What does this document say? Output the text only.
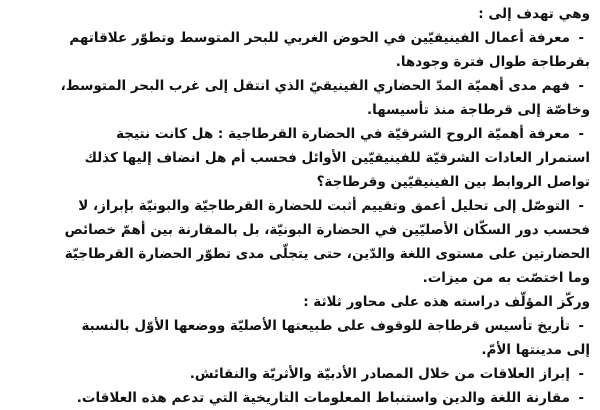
وهي تهدف إلى :
-معرفة أعمال الفينيقيّين في الحوض الغربي للبحر المتوسط وتطوّر علاقاتهم
بقرطاجة طوال فترة وجودها.
-فهم مدى أهميّة المدّ الحضاري الفينيقيّ الذي انتقل إلى غرب البحر المتوسط،
وخاصّة إلى قرطاجة منذ تأسيسها.
-معرفة أهميّة الروح الشرقيّة في الحضارة القرطاجية : هل كانت نتيجة
استمرار العادات الشرقيّة للفينيقيّين الأوائل فحسب أم هل انضاف إليها كذلك
تواصل الروابط بين الفينيقيّين وقرطاجة؟
-التوصّل إلى تحليل أعمق وتقييم أثبت للحضارة القرطاجيّة والبونيّة بإبراز، لا
فحسب دور السكّان الأصليّين في الحضارة البونيّة، بل بالمقارنة بين أهمّ خصائص
الحضارتين على مستوى اللغة والدّين، حتى يتجلّى مدى تطوّر الحضارة القرطاجيّة
وما اختصّت به من ميزات.
وركّز المؤلّف دراسته هذه على محاور ثلاثة :
-تأريخ تأسيس قرطاجة للوقوف على طبيعتها الأصليّة ووضعها الأوّل بالنسبة
إلى مدينتها الأمّ.
-إبراز العلاقات من خلال المصادر الأدبيّة والأثريّة والنقائش.
-مقارنة اللغة والدين واستنباط المعلومات التاريخية التي تدعم هذه العلاقات.
